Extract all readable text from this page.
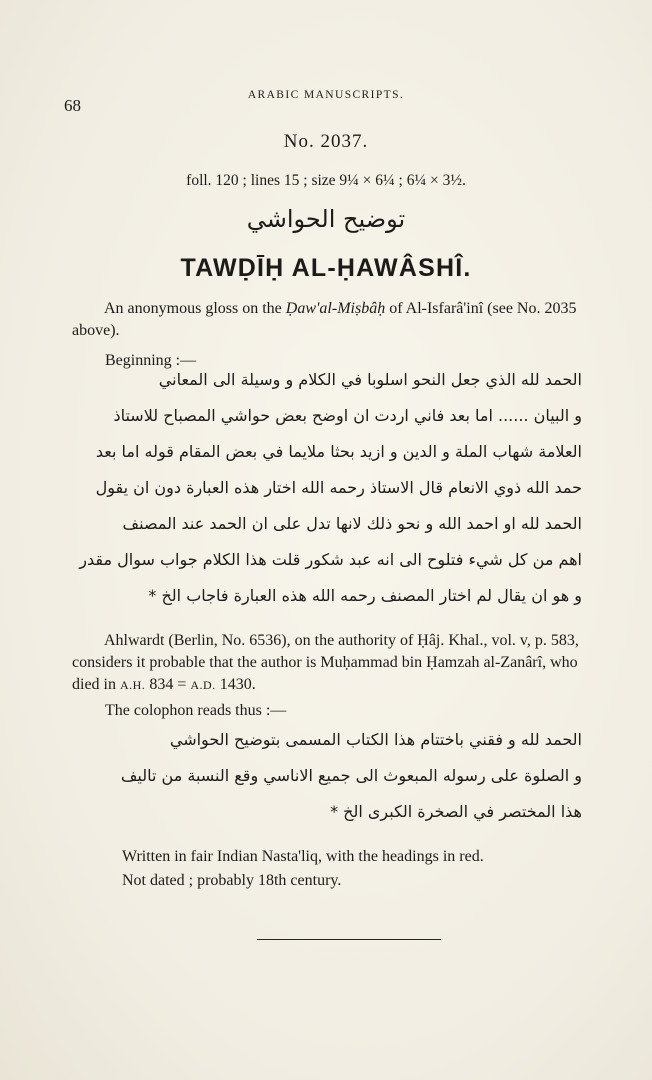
68
ARABIC MANUSCRIPTS.
No. 2037.
foll. 120 ; lines 15 ; size 9¼ × 6¼ ; 6¼ × 3½.
توضيح الحواشي
TAWḌĪḤ AL-ḤAWÂSHÎ.
An anonymous gloss on the Ḍaw'al-Miṣbâḥ of Al-Isfarâ'inî (see No. 2035 above).
Beginning :—
الحمد لله الذي جعل النحو اسلوبا في الكلام و وسيلة الى المعاني
و البيان ...... اما بعد فاني اردت ان اوضح بعض حواشي المصباح للاستاذ
العلامة شهاب الملة و الدين و ازيد بحثا ملايما في بعض المقام قوله اما بعد
حمد الله ذوي الانعام قال الاستاذ رحمه الله اختار هذه العبارة دون ان يقول
الحمد لله او احمد الله و نحو ذلك لانها تدل على ان الحمد عند المصنف
اهم من كل شيء فتلوح الى انه عبد شكور قلت هذا الكلام جواب سوال مقدر
و هو ان يقال لم اختار المصنف رحمه الله هذه العبارة فاجاب الخ *
Ahlwardt (Berlin, No. 6536), on the authority of Ḥâj. Khal., vol. v, p. 583, considers it probable that the author is Muḥammad bin Ḥamzah al-Zanârî, who died in A.H. 834 = A.D. 1430.
The colophon reads thus :—
الحمد لله و فقني باختتام هذا الكتاب المسمى بتوضيح الحواشي
و الصلوة على رسوله المبعوث الى جميع الاناسي وقع النسبة من تاليف
هذا المختصر في الصخرة الكبرى الخ *
Written in fair Indian Nasta'liq, with the headings in red.
Not dated ; probably 18th century.
